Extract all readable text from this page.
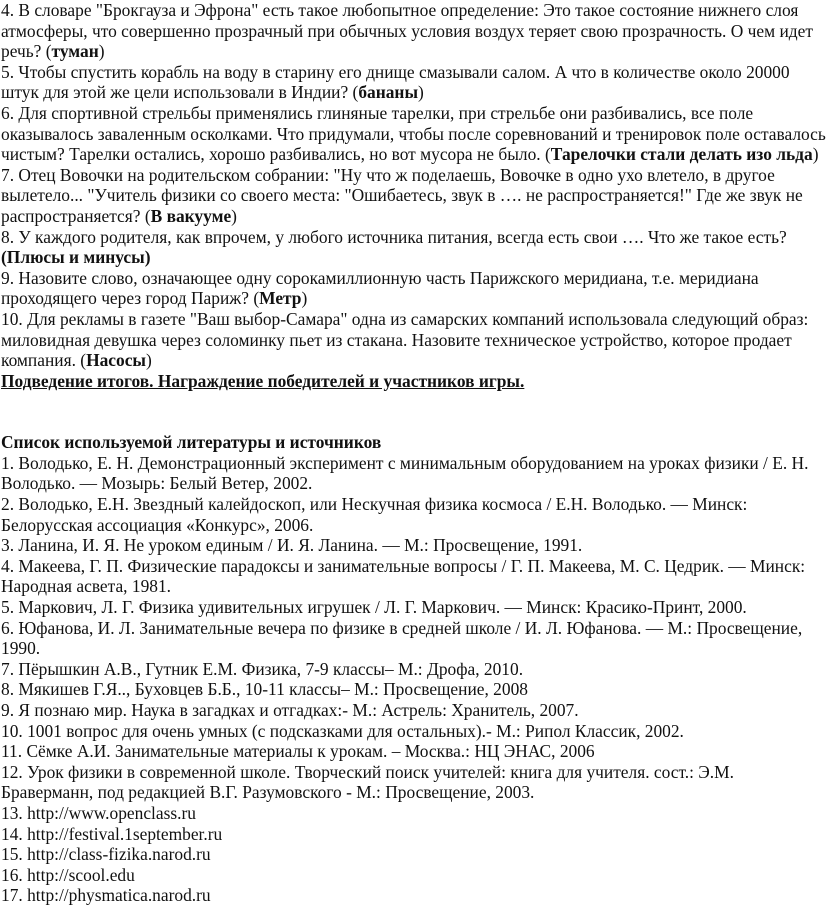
4. В словаре "Брокгауза и Эфрона" есть такое любопытное определение: Это такое состояние нижнего слоя атмосферы, что совершенно прозрачный при обычных условия воздух теряет свою прозрачность. О чем идет речь? (туман)

5. Чтобы спустить корабль на воду в старину его днище смазывали салом. А что в количестве около 20000 штук для этой же цели использовали в Индии? (бананы)

6. Для спортивной стрельбы применялись глиняные тарелки, при стрельбе они разбивались, все поле
оказывалось заваленным осколками. Что придумали, чтобы после соревнований и тренировок поле оставалось
чистым? Тарелки остались, хорошо разбивались, но вот мусора не было. (Тарелочки стали делать изо льда)

7. Отец Вовочки на родительском собрании: "Ну что ж поделаешь, Вовочке в одно ухо влетело, в другое вылетело... "Учитель физики со своего места: "Ошибаетесь, звук в …. не распространяется!" Где же звук не распространяется? (В вакууме)

8. У каждого родителя, как впрочем, у любого источника питания, всегда есть свои …. Что же такое есть? (Плюсы и минусы)

9. Назовите слово, означающее одну сорокамиллионную часть Парижского меридиана, т.е. меридиана проходящего через город Париж? (Метр)

10. Для рекламы в газете "Ваш выбор-Самара" одна из самарских компаний использовала следующий образ: миловидная девушка через соломинку пьет из стакана. Назовите техническое устройство, которое продает компания. (Насосы)

Подведение итогов. Награждение победителей и участников игры.

Список используемой литературы и источников

1. Володько, Е. Н. Демонстрационный эксперимент с минимальным оборудованием на уроках физики / Е. Н. Володько. — Мозырь: Белый Ветер, 2002.

2. Володько, Е.Н. Звездный калейдоскоп, или Нескучная физика космоса / Е.Н. Володько. — Минск: Белорусская ассоциация «Конкурс», 2006.

3. Ланина, И. Я. Не уроком единым / И. Я. Ланина. — М.: Просвещение, 1991.

4. Макеева, Г. П. Физические парадоксы и занимательные вопросы / Г. П. Макеева, М. С. Цедрик. — Минск: Народная асвета, 1981.

5. Маркович, Л. Г. Физика удивительных игрушек / Л. Г. Маркович. — Минск: Красико-Принт, 2000.

6. Юфанова, И. Л. Занимательные вечера по физике в средней школе / И. Л. Юфанова. — М.: Просвещение, 1990.

7. Пёрышкин А.В., Гутник Е.М. Физика, 7-9 классы– М.: Дрофа, 2010.

8. Мякишев Г.Я.., Буховцев Б.Б., 10-11 классы– М.: Просвещение, 2008

9. Я познаю мир. Наука в загадках и отгадках:- М.: Астрель: Хранитель, 2007.

10. 1001 вопрос для очень умных (с подсказками для остальных).- М.: Рипол Классик, 2002.

11. Сёмке А.И. Занимательные материалы к урокам. – Москва.: НЦ ЭНАС, 2006

12. Урок физики в современной школе. Творческий поиск учителей: книга для учителя. сост.: Э.М. Браверманн, под редакцией В.Г. Разумовского - М.: Просвещение, 2003.

13. http://www.openclass.ru

14. http://festival.1september.ru

15. http://class-fizika.narod.ru

16. http://scool.edu

17. http://physmatica.narod.ru
